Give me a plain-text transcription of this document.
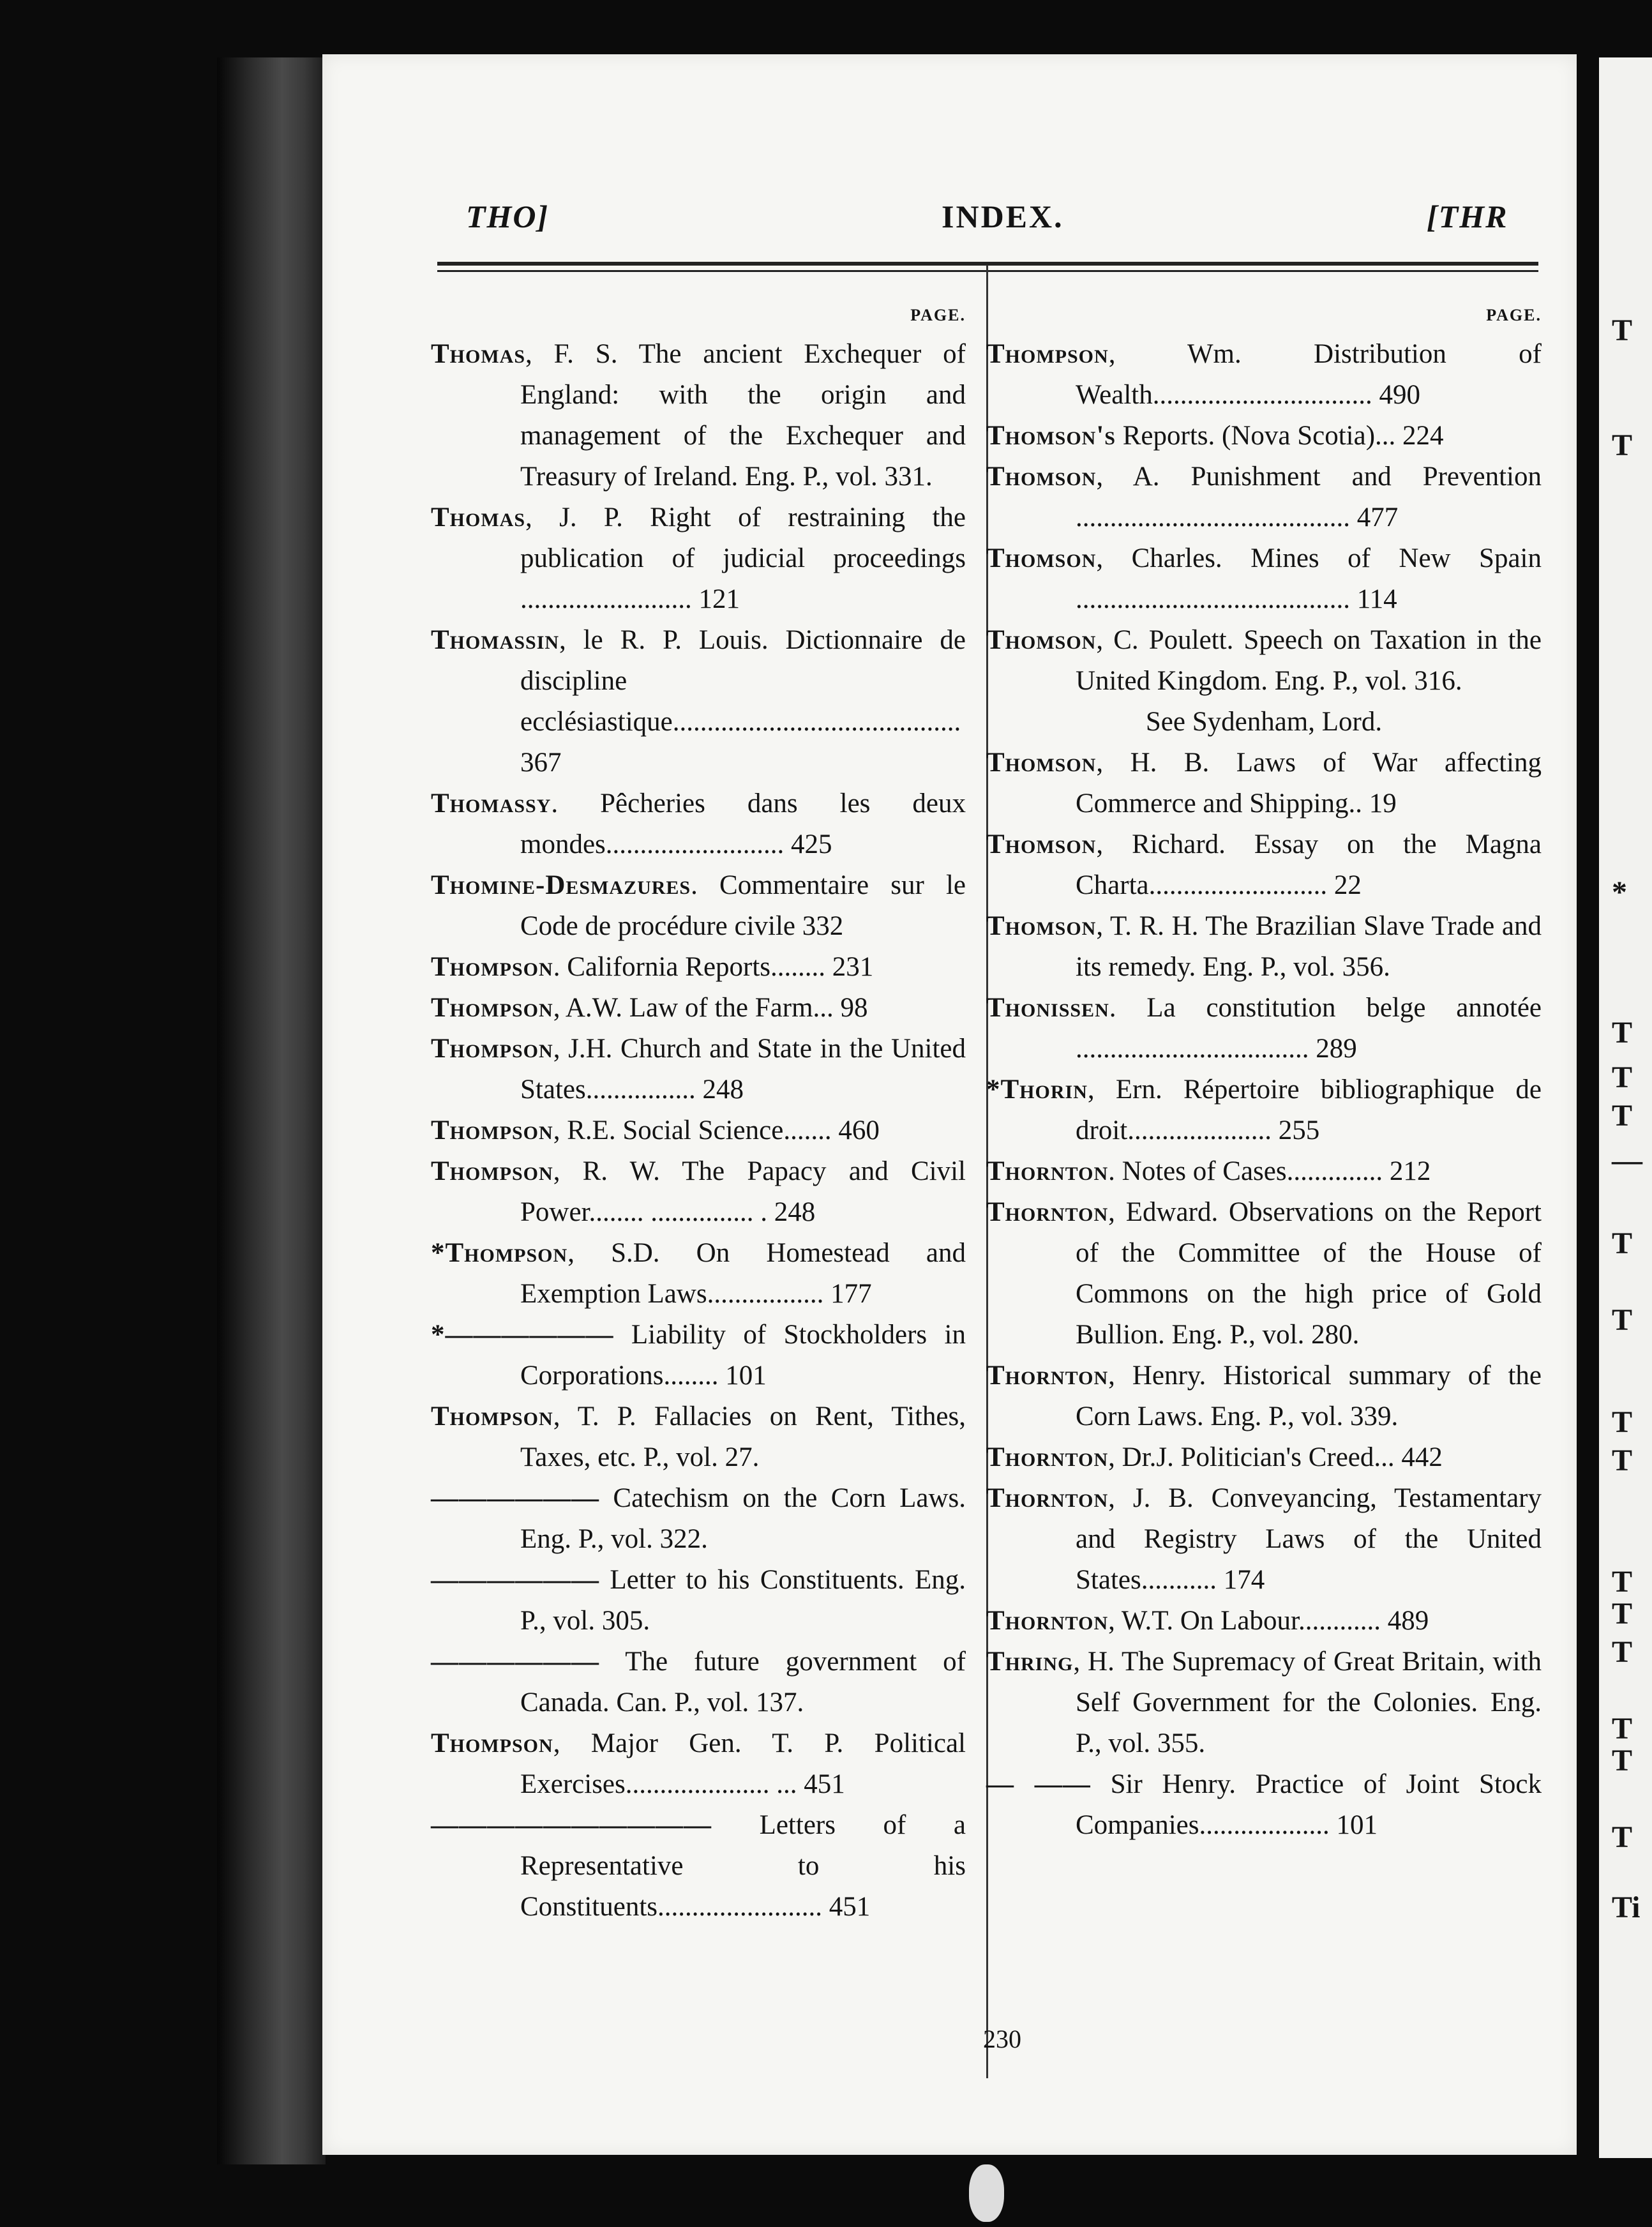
THO]	INDEX.	[THR
PAGE.
Thomas, F. S. The ancient Exchequer of England: with the origin and management of the Exchequer and Treasury of Ireland. Eng. P., vol. 331.
Thomas, J. P. Right of restraining the publication of judicial proceedings ......................... 121
Thomassin, le R. P. Louis. Dictionnaire de discipline ecclésiastique.......................................... 367
Thomassy. Pêcheries dans les deux mondes.......................... 425
Thomine-Desmazures. Commentaire sur le Code de procédure civile 332
Thompson. California Reports........ 231
Thompson, A.W. Law of the Farm... 98
Thompson, J.H. Church and State in the United States................ 248
Thompson, R.E. Social Science....... 460
Thompson, R. W. The Papacy and Civil Power........ ............... . 248
*Thompson, S.D. On Homestead and Exemption Laws................. 177
*—————— Liability of Stockholders in Corporations........ 101
Thompson, T. P. Fallacies on Rent, Tithes, Taxes, etc. P., vol. 27.
—————— Catechism on the Corn Laws. Eng. P., vol. 322.
—————— Letter to his Constituents. Eng. P., vol. 305.
—————— The future government of Canada. Can. P., vol. 137.
Thompson, Major Gen. T. P. Political Exercises..................... ... 451
—————————— Letters of a Representative to his Constituents........................ 451
PAGE.
Thompson, Wm. Distribution of Wealth................................ 490
Thomson's Reports. (Nova Scotia)... 224
Thomson, A. Punishment and Prevention ........................................ 477
Thomson, Charles. Mines of New Spain ........................................ 114
Thomson, C. Poulett. Speech on Taxation in the United Kingdom. Eng. P., vol. 316.
See Sydenham, Lord.
Thomson, H. B. Laws of War affecting Commerce and Shipping.. 19
Thomson, Richard. Essay on the Magna Charta.......................... 22
Thomson, T. R. H. The Brazilian Slave Trade and its remedy. Eng. P., vol. 356.
Thonissen. La constitution belge annotée .................................. 289
*Thorin, Ern. Répertoire bibliographique de droit..................... 255
Thornton. Notes of Cases.............. 212
Thornton, Edward. Observations on the Report of the Committee of the House of Commons on the high price of Gold Bullion. Eng. P., vol. 280.
Thornton, Henry. Historical summary of the Corn Laws. Eng. P., vol. 339.
Thornton, Dr.J. Politician's Creed... 442
Thornton, J. B. Conveyancing, Testamentary and Registry Laws of the United States........... 174
Thornton, W.T. On Labour............ 489
Thring, H. The Supremacy of Great Britain, with Self Government for the Colonies. Eng. P., vol. 355.
— —— Sir Henry. Practice of Joint Stock Companies................... 101
230
T
T
*
T
T
T
—
T
T
T
T
T
T
T
T
T
T
Ti
